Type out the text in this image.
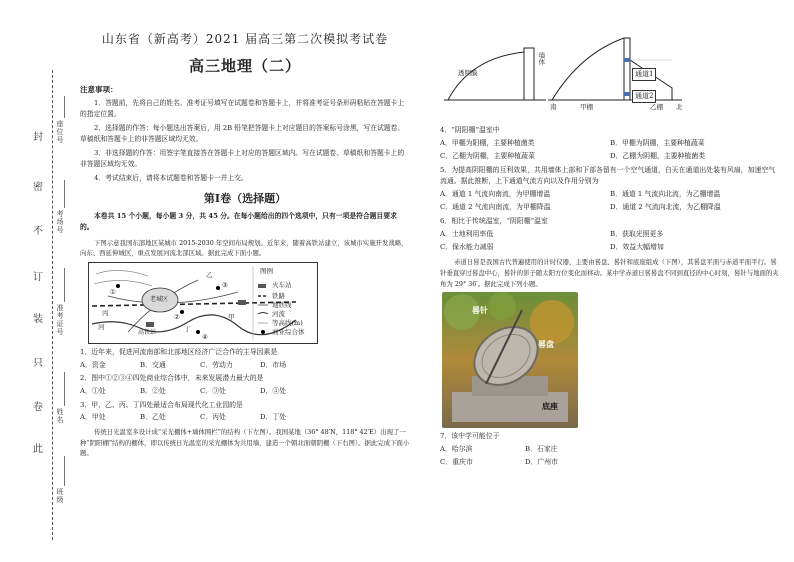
封
密
不
订
装
只
卷
此
座位号
考场号
准考证号
姓名
班级
山东省（新高考）2021 届高三第二次模拟考试卷
高三地理（二）
注意事项：

1．答题前，先将自己的姓名、准考证号填写在试题卷和答题卡上，并将准考证号条形码粘贴在答题卡上的指定位置。

2．选择题的作答：每小题选出答案后，用 2B 铅笔把答题卡上对应题目的答案标号涂黑，写在试题卷、草稿纸和答题卡上的非答题区域均无效。

3．非选择题的作答：用签字笔直接答在答题卡上对应的答题区域内。写在试题卷、草稿纸和答题卡上的非答题区域均无效。

4．考试结束后，请将本试题卷和答题卡一并上交。

第Ⅰ卷（选择题）
本卷共 15 个小题，每小题 3 分，共 45 分。在每小题给出的四个选项中，只有一项是符合题目要求的。
下图示意我国东部地区某城市 2015-2030 年空间布局规划。近年来，随着高铁站建立，该城市实施开发战略，向东、西延伸城区，重点发展河流北部区域。据此完成下面小题。
图例
火车站
铁路
地铁线
河流
等高线(m)
商业综合体
老城区
高铁站
河
甲
乙
丙
丁
①
②
③
④
1．近年来，促进河流南部和北部地区经济广泛合作的主导因素是
A．资金	B．交通	C．劳动力	D．市场
2．图中①②③④四处商业综合体中，未来发展潜力最大的是
A．①处	B．②处	C．③处	D．④处
3．甲、乙、丙、丁四处最适合布局现代化工业园的是
A．甲处	B．乙处	C．丙处	D．丁处
传统日光温室多设计成“采光棚体+墙体围栏”的结构（下左图）。我国某地（36° 48′N，118° 42′E）出现了一种“阴阳棚”结构的棚体，即以传统日光温室的采光棚体为共用墙，建造一个朝北面朝阴棚（下右图）。据此完成下面小题。
透明膜
墙体
南	甲棚
通道1
通道2
乙棚 北
4．“阴阳棚”温室中
A．甲棚为阳棚，主要种植菌类	B．甲棚为阴棚，主要种植蔬菜
C．乙棚为阴棚，主要种植蔬菜	D．乙棚为阴棚，主要种植菌类
5．为提高阴阳棚的互利效果，共用墙体上部和下部各留有一个空气通道，白天在通道出处装有风扇，加速空气流通。据此推断，上下通道气流方向以及作用分别为
A．通道 1 气流向南流，为甲棚增温	B．通道 1 气流向北流，为乙棚增温
C．通道 2 气流向南流，为甲棚降温	D．通道 2 气流向北流，为乙棚降温
6．相比于传统温室，“阴阳棚”温室
A．土地利用率低	B．获取光照更多
C．保水能力减弱	D．效益大幅增加
赤道日晷是我国古代普遍使用的计时仪器，主要由晷盘、晷针和底座组成（下图），其晷盘平面与赤道平面平行。晷针垂直穿过晷盘中心，晷针的影子随太阳方位变化而移动。某中学赤道日晷晷盘不同到直径的中心时刻，晷针与地面的夹角为 29° 36′。据此完成下列小题。
晷针
晷盘
底座
7．该中学可能位于
A．哈尔滨	B．石家庄
C．重庆市	D．广州市
